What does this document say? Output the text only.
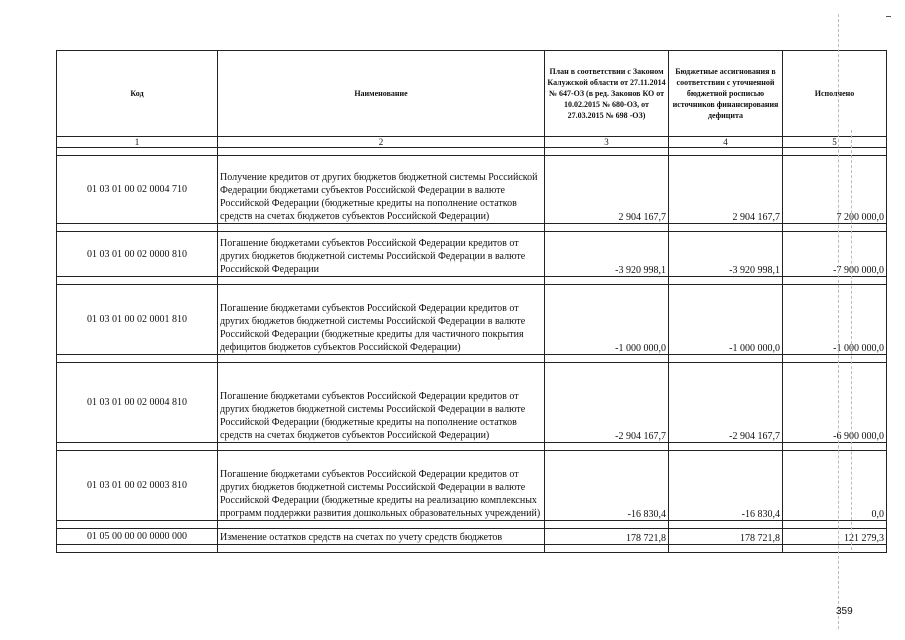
Код	Наименование	План в соответствии с Законом Калужской области от 27.11.2014 № 647-ОЗ (в ред. Законов КО от 10.02.2015 № 680-ОЗ, от 27.03.2015 № 698 -ОЗ)	Бюджетные ассигнования в соответствии с уточненной бюджетной росписью источников финансирования дефицита	Исполнено
1	2	3	4	5

01 03 01 00 02 0004 710	Получение кредитов от других бюджетов бюджетной системы Российской Федерации бюджетами субъектов Российской Федерации в валюте Российской Федерации (бюджетные кредиты на пополнение остатков средств на счетах бюджетов субъектов Российской Федерации)	2 904 167,7	2 904 167,7	7 200 000,0

01 03 01 00 02 0000 810	Погашение бюджетами субъектов Российской Федерации кредитов от других бюджетов бюджетной системы Российской Федерации в валюте Российской Федерации	-3 920 998,1	-3 920 998,1	-7 900 000,0

01 03 01 00 02 0001 810	Погашение бюджетами субъектов Российской Федерации кредитов от других бюджетов бюджетной системы Российской Федерации в валюте Российской Федерации (бюджетные кредиты для частичного покрытия дефицитов бюджетов субъектов Российской Федерации)	-1 000 000,0	-1 000 000,0	-1 000 000,0

01 03 01 00 02 0004 810	Погашение бюджетами субъектов Российской Федерации кредитов от других бюджетов бюджетной системы Российской Федерации в валюте Российской Федерации (бюджетные кредиты на пополнение остатков средств на счетах бюджетов субъектов Российской Федерации)	-2 904 167,7	-2 904 167,7	-6 900 000,0

01 03 01 00 02 0003 810	Погашение бюджетами субъектов Российской Федерации кредитов от других бюджетов бюджетной системы Российской Федерации в валюте Российской Федерации (бюджетные кредиты на реализацию комплексных программ поддержки развития дошкольных образовательных учреждений)	-16 830,4	-16 830,4	0,0

01 05 00 00 00 0000 000	Изменение остатков средств на счетах по учету средств бюджетов	178 721,8	178 721,8	121 279,3

359
